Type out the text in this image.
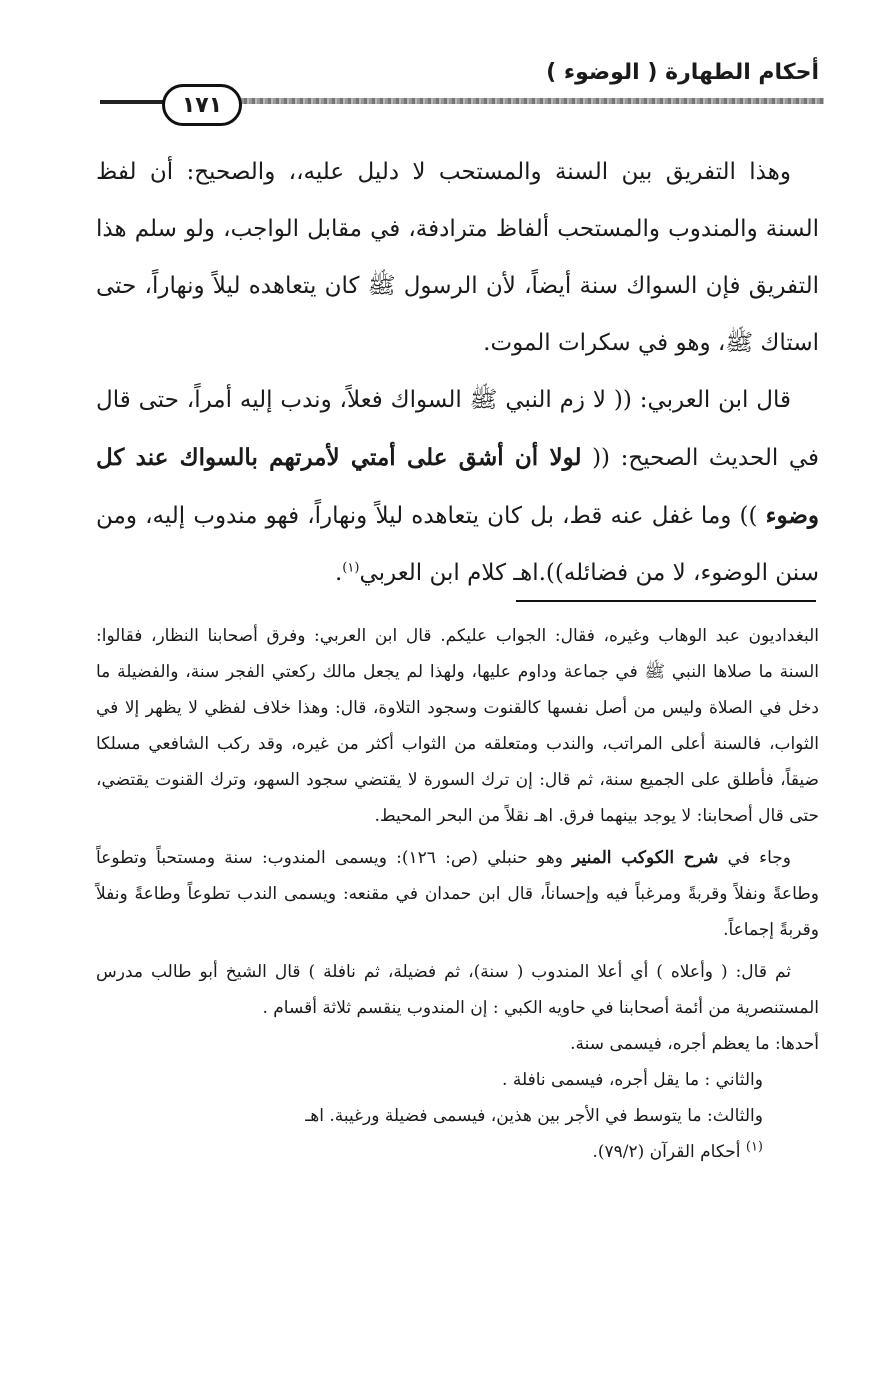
أحكام الطهارة ( الوضوء )
١٧١

وهذا التفريق بين السنة والمستحب لا دليل عليه،، والصحيح: أن لفظ السنة والمندوب والمستحب ألفاظ مترادفة، في مقابل الواجب، ولو سلم هذا التفريق فإن السواك سنة أيضاً، لأن الرسول ﷺ كان يتعاهده ليلاً ونهاراً، حتى استاك ﷺ، وهو في سكرات الموت.

قال ابن العربي: (( لا زم النبي ﷺ السواك فعلاً، وندب إليه أمراً، حتى قال في الحديث الصحيح: (( لولا أن أشق على أمتي لأمرتهم بالسواك عند كل وضوء )) وما غفل عنه قط، بل كان يتعاهده ليلاً ونهاراً، فهو مندوب إليه، ومن سنن الوضوء، لا من فضائله)).اهـ كلام ابن العربي$^{(١)}$.

البغداديون عبد الوهاب وغيره، فقال: الجواب عليكم. قال ابن العربي: وفرق أصحابنا النظار، فقالوا: السنة ما صلاها النبي ﷺ في جماعة وداوم عليها، ولهذا لم يجعل مالك ركعتي الفجر سنة، والفضيلة ما دخل في الصلاة وليس من أصل نفسها كالقنوت وسجود التلاوة، قال: وهذا خلاف لفظي لا يظهر إلا في الثواب، فالسنة أعلى المراتب، والندب ومتعلقه من الثواب أكثر من غيره، وقد ركب الشافعي مسلكا ضيقاً، فأطلق على الجميع سنة، ثم قال: إن ترك السورة لا يقتضي سجود السهو، وترك القنوت يقتضي، حتى قال أصحابنا: لا يوجد بينهما فرق. اهـ نقلاً من البحر المحيط.

وجاء في شرح الكوكب المنير وهو حنبلي (ص: ١٢٦): ويسمى المندوب: سنة ومستحباً وتطوعاً وطاعةً ونفلاً وقربةً ومرغباً فيه وإحساناً، قال ابن حمدان في مقنعه: ويسمى الندب تطوعاً وطاعةً ونفلاً وقربةً إجماعاً.

ثم قال: ( وأعلاه ) أي أعلا المندوب ( سنة)، ثم فضيلة، ثم نافلة ) قال الشيخ أبو طالب مدرس المستنصرية من أئمة أصحابنا في حاويه الكبي : إن المندوب ينقسم ثلاثة أقسام .

أحدها: ما يعظم أجره، فيسمى سنة.

والثاني : ما يقل أجره، فيسمى نافلة .

والثالث: ما يتوسط في الأجر بين هذين، فيسمى فضيلة ورغيبة. اهـ

$^{(١)}$ أحكام القرآن (٧٩/٢).
